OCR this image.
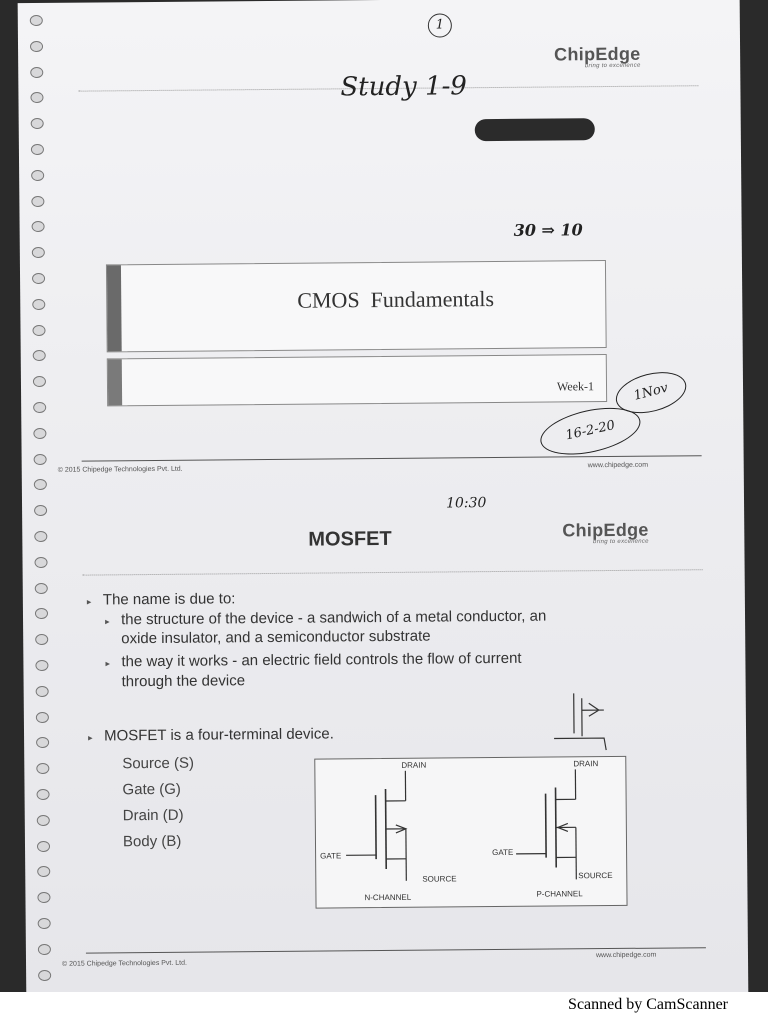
1
ChipEdge
bring to excellence
Study 1-9
30 ⇒ 10
CMOS  Fundamentals
Week-1	1Nov
16-2-20
© 2015 Chipedge Technologies Pvt. Ltd.
www.chipedge.com
10:30
MOSFET	ChipEdge
bring to excellence
▸ The name is due to:
▸ the structure of the device - a sandwich of a metal conductor, an
oxide insulator, and a semiconductor substrate
▸ the way it works - an electric field controls the flow of current
through the device
▸ MOSFET is a four-terminal device.
Source (S)
Gate (G)
Drain (D)
Body (B)
DRAIN
GATE
SOURCE
N-CHANNEL
DRAIN
GATE
SOURCE
P-CHANNEL
© 2015 Chipedge Technologies Pvt. Ltd.
www.chipedge.com
Scanned by CamScanner
